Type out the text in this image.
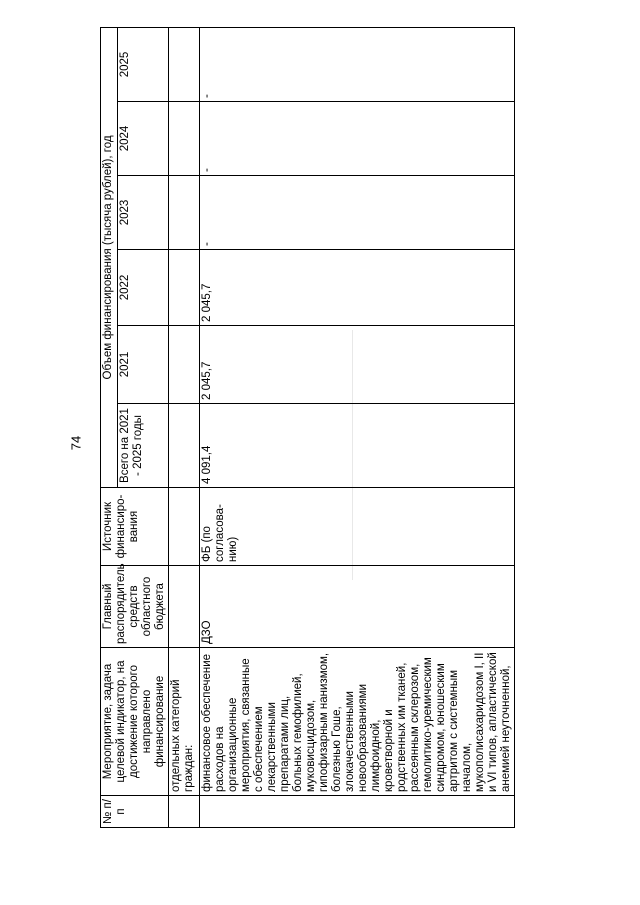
74
№ п/п	Мероприятие, задача целевой индикатор, на достижение которого направлено финансирование	Главный распорядитель средств областного бюджета	Источник финансиро-вания	Объем финансирования (тысяча рублей), год					
				Всего на 2021 - 2025 годы	2021	2022	2023	2024	2025
	отдельных категорий граждан:								
	финансовое обеспечение расходов на организационные мероприятия, связанные с обеспечением лекарственными препаратами лиц, больных гемофилией, муковисцидозом, гипофизарным нанизмом, болезнью Гоше, злокачественными новообразованиями лимфоидной, кроветворной и родственных им тканей, рассеянным склерозом, гемолитико-уремическим синдромом, юношеским артритом с системным началом, мукополисахаридозом I, II и VI типов, апластической анемией неуточненной,	ДЗО	ФБ (по согласова-нию)	4 091,4	2 045,7	2 045,7	-	-	-
